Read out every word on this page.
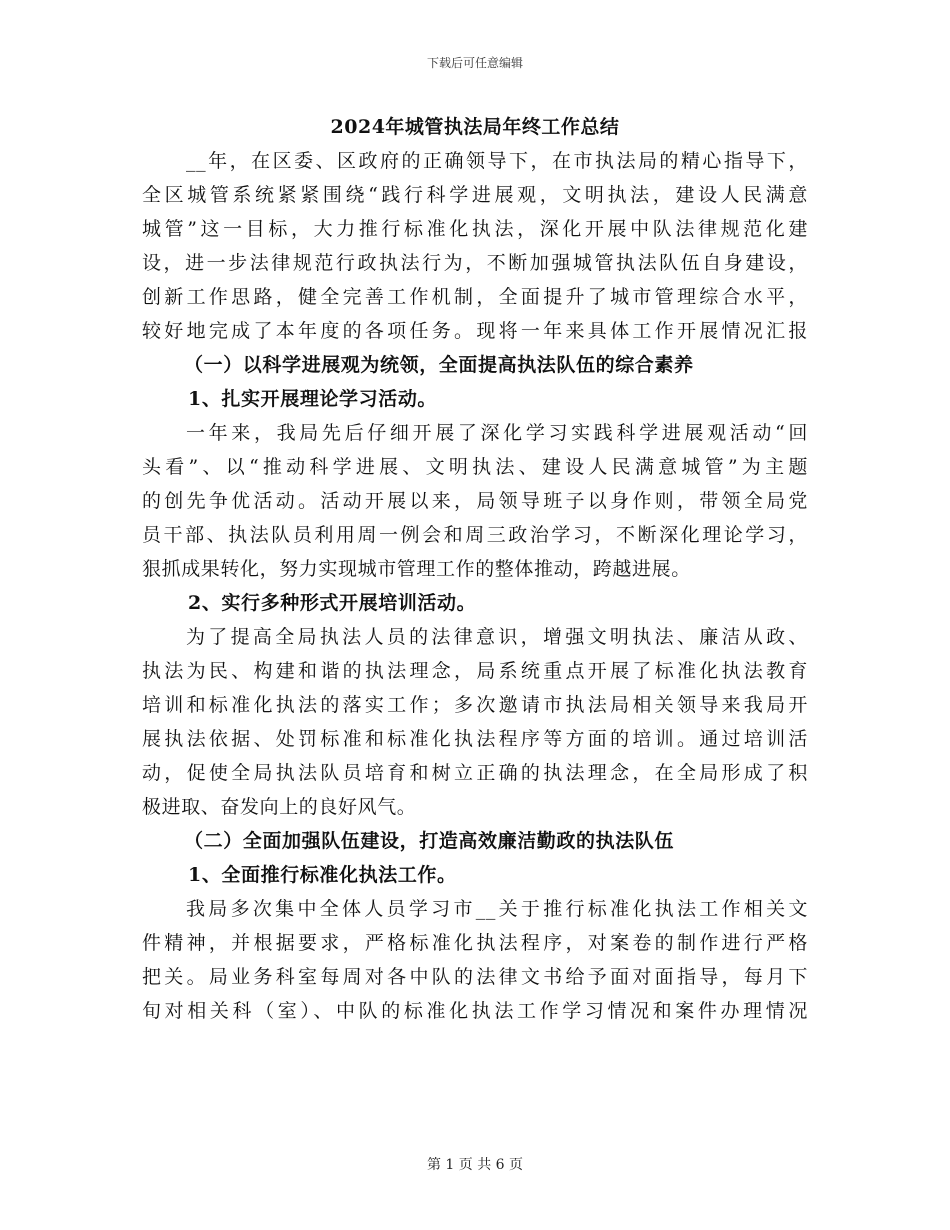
下载后可任意编辑
2024年城管执法局年终工作总结
__年，在区委、区政府的正确领导下，在市执法局的精心指导下，
全区城管系统紧紧围绕“践行科学进展观，文明执法，建设人民满意
城管”这一目标，大力推行标准化执法，深化开展中队法律规范化建
设，进一步法律规范行政执法行为，不断加强城管执法队伍自身建设，
创新工作思路，健全完善工作机制，全面提升了城市管理综合水平，
较好地完成了本年度的各项任务。现将一年来具体工作开展情况汇报
（一）以科学进展观为统领，全面提高执法队伍的综合素养
1、扎实开展理论学习活动。
一年来，我局先后仔细开展了深化学习实践科学进展观活动“回
头看”、以“推动科学进展、文明执法、建设人民满意城管”为主题
的创先争优活动。活动开展以来，局领导班子以身作则，带领全局党
员干部、执法队员利用周一例会和周三政治学习，不断深化理论学习，
狠抓成果转化，努力实现城市管理工作的整体推动，跨越进展。
2、实行多种形式开展培训活动。
为了提高全局执法人员的法律意识，增强文明执法、廉洁从政、
执法为民、构建和谐的执法理念，局系统重点开展了标准化执法教育
培训和标准化执法的落实工作；多次邀请市执法局相关领导来我局开
展执法依据、处罚标准和标准化执法程序等方面的培训。通过培训活
动，促使全局执法队员培育和树立正确的执法理念，在全局形成了积
极进取、奋发向上的良好风气。
（二）全面加强队伍建设，打造高效廉洁勤政的执法队伍
1、全面推行标准化执法工作。
我局多次集中全体人员学习市__关于推行标准化执法工作相关文
件精神，并根据要求，严格标准化执法程序，对案卷的制作进行严格
把关。局业务科室每周对各中队的法律文书给予面对面指导，每月下
旬对相关科（室）、中队的标准化执法工作学习情况和案件办理情况
第 1 页 共 6 页
